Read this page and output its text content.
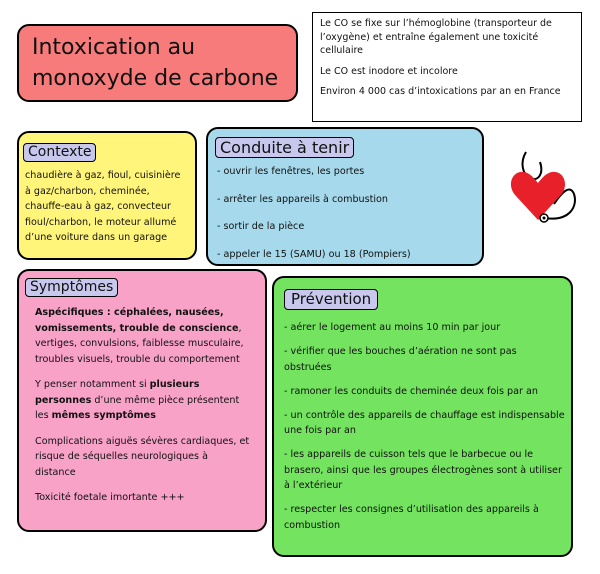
Intoxication au
monoxyde de carbone

Le CO se fixe sur l’hémoglobine (transporteur de l’oxygène) et entraîne également une toxicité cellulaire

Le CO est inodore et incolore

Environ 4 000 cas d’intoxications par an en France

Contexte
chaudière à gaz, fioul, cuisinière à gaz/charbon, cheminée, chauffe-eau à gaz, convecteur fioul/charbon, le moteur allumé d’une voiture dans un garage
Conduite à tenir
- ouvrir les fenêtres, les portes
- arrêter les appareils à combustion
- sortir de la pièce
- appeler le 15 (SAMU) ou 18 (Pompiers)
Symptômes

Aspécifiques : céphalées, nausées, vomissements, trouble de conscience, vertiges, convulsions, faiblesse musculaire, troubles visuels, trouble du comportement

Y penser notamment si plusieurs personnes d’une même pièce présentent les mêmes symptômes

Complications aiguës sévères cardiaques, et risque de séquelles neurologiques à distance

Toxicité foetale imortante +++

Prévention
- aérer le logement au moins 10 min par jour
- vérifier que les bouches d’aération ne sont pas obstruées
- ramoner les conduits de cheminée deux fois par an
- un contrôle des appareils de chauffage est indispensable une fois par an
- les appareils de cuisson tels que le barbecue ou le brasero, ainsi que les groupes électrogènes sont à utiliser à l’extérieur
- respecter les consignes d’utilisation des appareils à combustion
